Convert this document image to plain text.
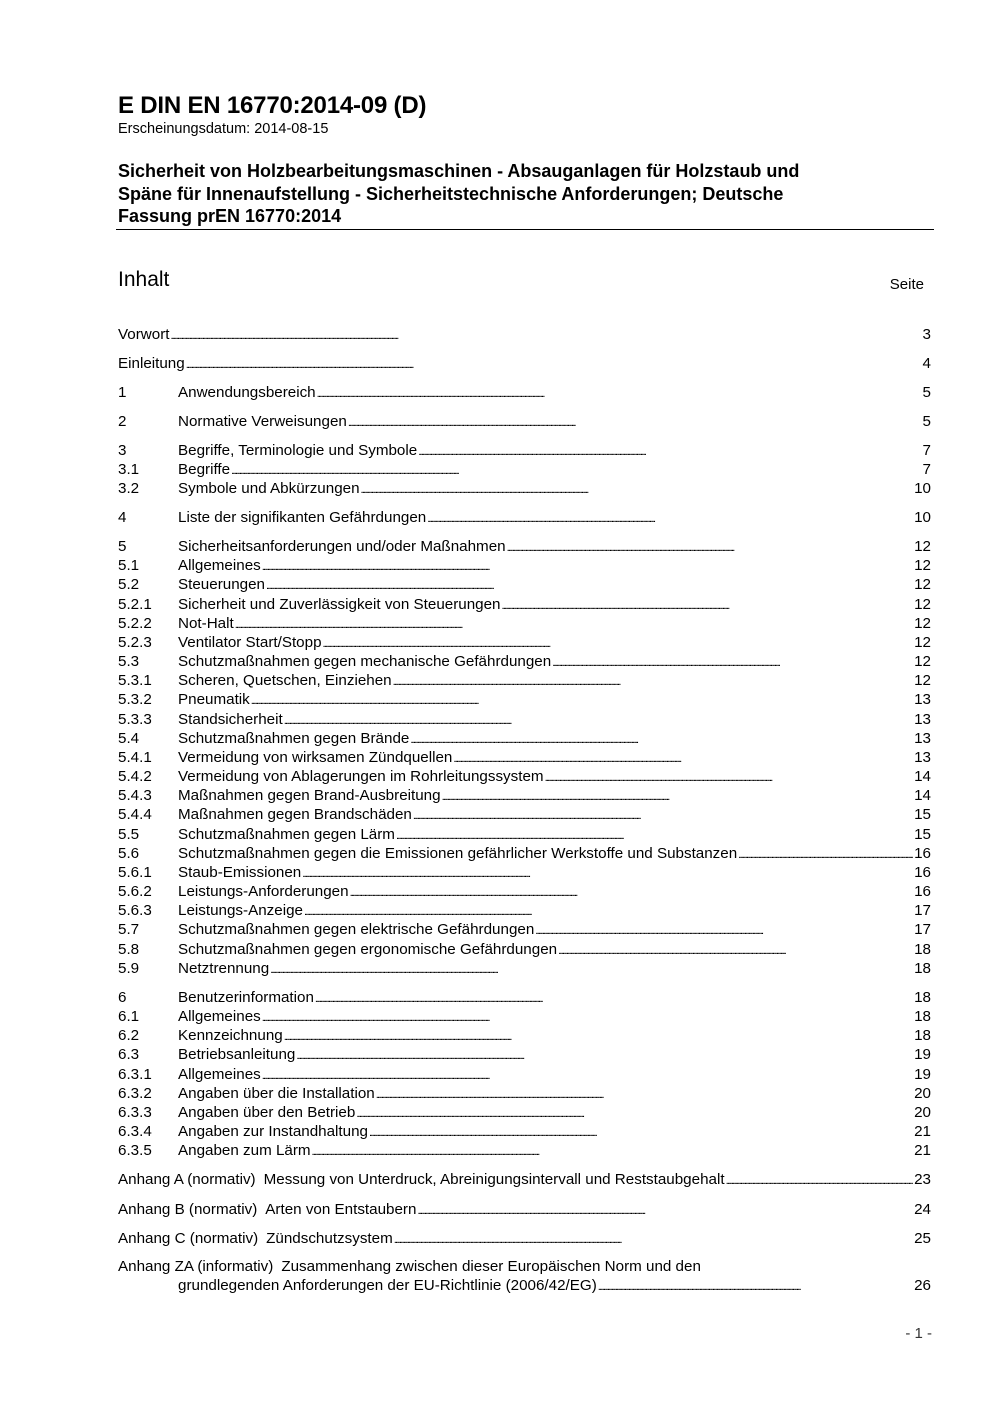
E DIN EN 16770:2014-09 (D)
Erscheinungsdatum: 2014-08-15
Sicherheit von Holzbearbeitungsmaschinen - Absauganlagen für Holzstaub und
Späne für Innenaufstellung - Sicherheitstechnische Anforderungen; Deutsche
Fassung prEN 16770:2014
Inhalt	Seite
Vorwort . . .	3
Einleitung . . .	4
1	Anwendungsbereich . . .	5
2	Normative Verweisungen . . .	5
3	Begriffe, Terminologie und Symbole . . .	7
3.1	Begriffe . . .	7
3.2	Symbole und Abkürzungen . . .	10
4	Liste der signifikanten Gefährdungen . . .	10
5	Sicherheitsanforderungen und/oder Maßnahmen . . .	12
5.1	Allgemeines . . .	12
5.2	Steuerungen . . .	12
5.2.1	Sicherheit und Zuverlässigkeit von Steuerungen . . .	12
5.2.2	Not-Halt . . .	12
5.2.3	Ventilator Start/Stopp . . .	12
5.3	Schutzmaßnahmen gegen mechanische Gefährdungen . . .	12
5.3.1	Scheren, Quetschen, Einziehen . . .	12
5.3.2	Pneumatik . . .	13
5.3.3	Standsicherheit . . .	13
5.4	Schutzmaßnahmen gegen Brände . . .	13
5.4.1	Vermeidung von wirksamen Zündquellen . . .	13
5.4.2	Vermeidung von Ablagerungen im Rohrleitungssystem . . .	14
5.4.3	Maßnahmen gegen Brand-Ausbreitung . . .	14
5.4.4	Maßnahmen gegen Brandschäden . . .	15
5.5	Schutzmaßnahmen gegen Lärm . . .	15
5.6	Schutzmaßnahmen gegen die Emissionen gefährlicher Werkstoffe und Substanzen . . .	16
5.6.1	Staub-Emissionen . . .	16
5.6.2	Leistungs-Anforderungen . . .	16
5.6.3	Leistungs-Anzeige . . .	17
5.7	Schutzmaßnahmen gegen elektrische Gefährdungen . . .	17
5.8	Schutzmaßnahmen gegen ergonomische Gefährdungen . . .	18
5.9	Netztrennung . . .	18
6	Benutzerinformation . . .	18
6.1	Allgemeines . . .	18
6.2	Kennzeichnung . . .	18
6.3	Betriebsanleitung . . .	19
6.3.1	Allgemeines . . .	19
6.3.2	Angaben über die Installation . . .	20
6.3.3	Angaben über den Betrieb . . .	20
6.3.4	Angaben zur Instandhaltung . . .	21
6.3.5	Angaben zum Lärm . . .	21
Anhang A (normativ) Messung von Unterdruck, Abreinigungsintervall und Reststaubgehalt . . .	23
Anhang B (normativ) Arten von Entstaubern . . .	24
Anhang C (normativ) Zündschutzsystem . . .	25
Anhang ZA (informativ) Zusammenhang zwischen dieser Europäischen Norm und den
grundlegenden Anforderungen der EU-Richtlinie (2006/42/EG) . . .	26
- 1 -
